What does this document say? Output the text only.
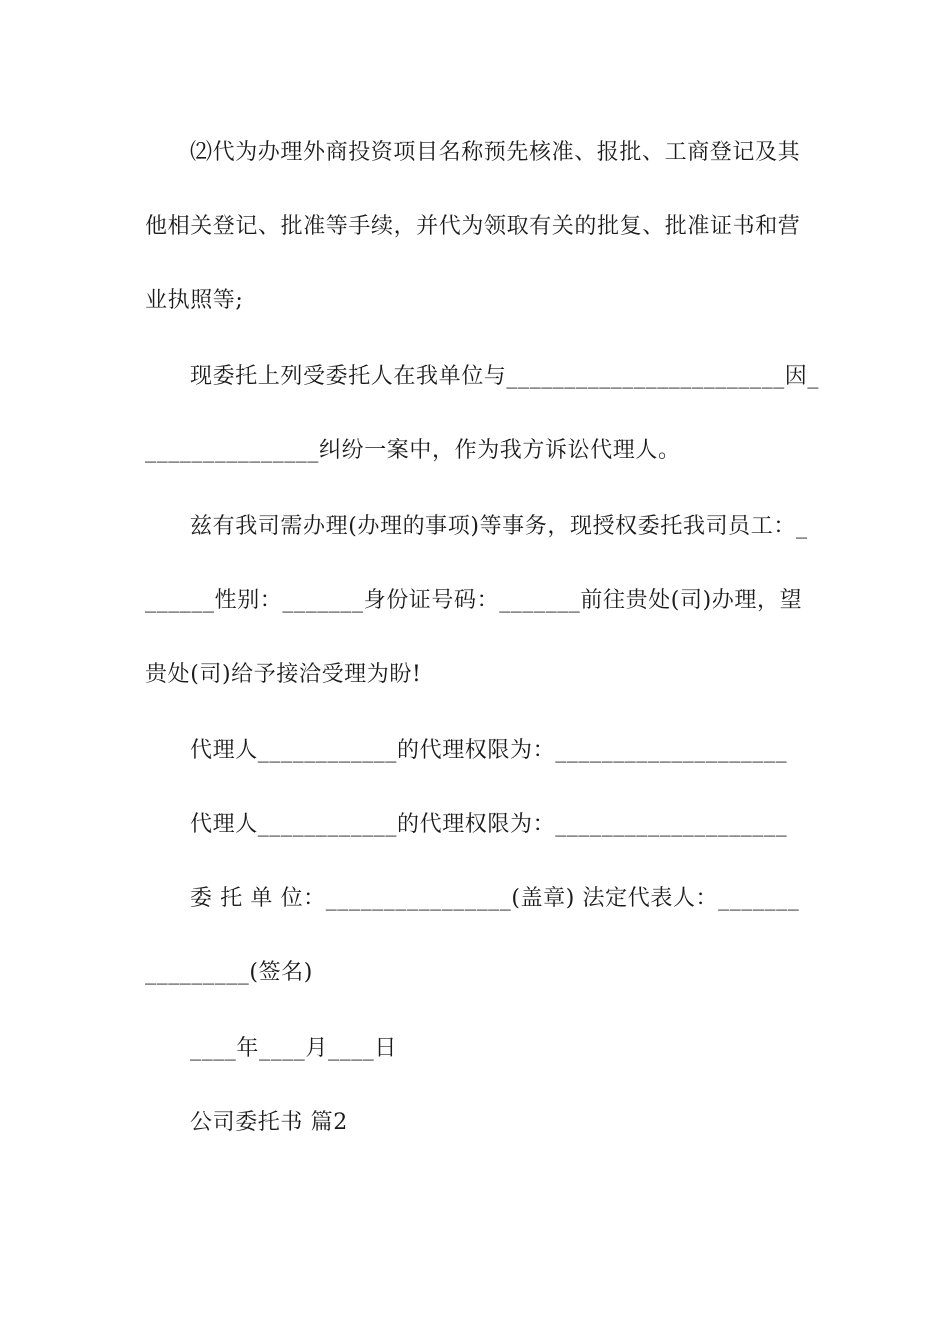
⑵代为办理外商投资项目名称预先核准、报批、工商登记及其
他相关登记、批准等手续，并代为领取有关的批复、批准证书和营
业执照等;
现委托上列受委托人在我单位与________________________因_
_______________纠纷一案中，作为我方诉讼代理人。
兹有我司需办理(办理的事项)等事务，现授权委托我司员工：_
______性别：_______身份证号码：_______前往贵处(司)办理，望
贵处(司)给予接洽受理为盼!
代理人____________的代理权限为：____________________
代理人____________的代理权限为：____________________
委 托 单 位：________________(盖章) 法定代表人：_______
_________(签名)
____年____月____日
公司委托书 篇2
